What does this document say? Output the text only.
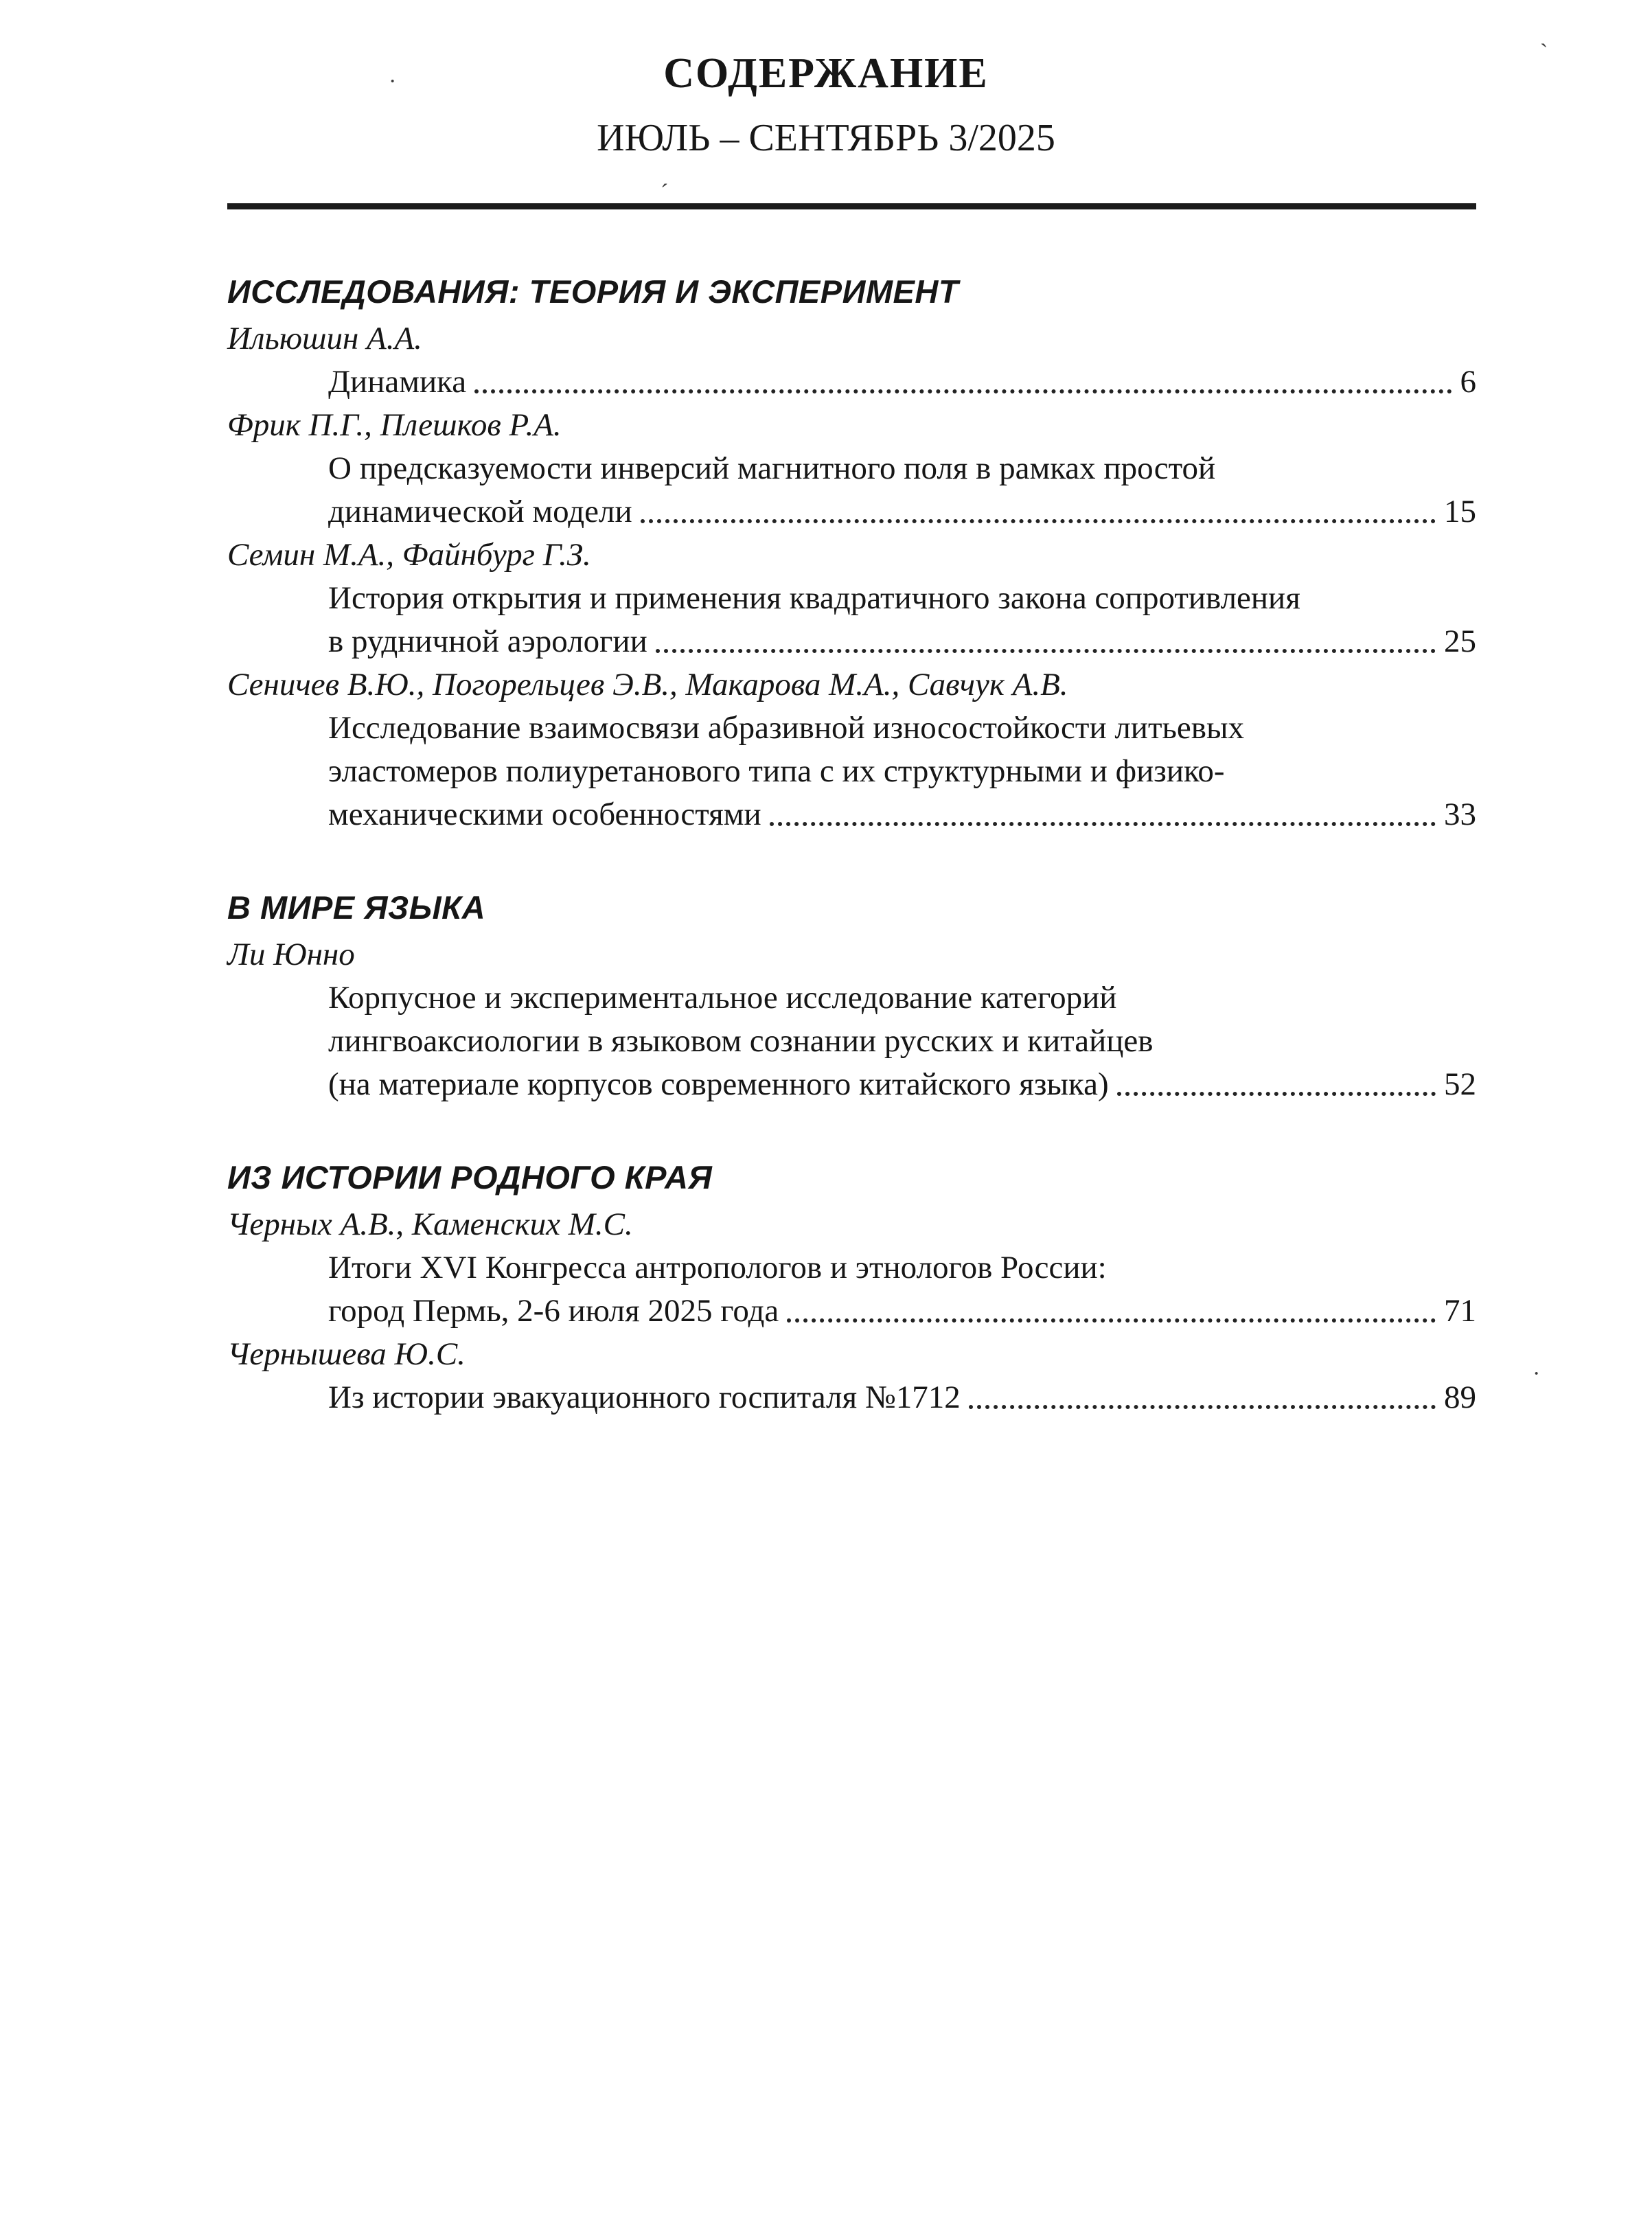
СОДЕРЖАНИЕ
ИЮЛЬ – СЕНТЯБРЬ 3/2025
ИССЛЕДОВАНИЯ: ТЕОРИЯ И ЭКСПЕРИМЕНТ
Ильюшин А.А.
Динамика	6
Фрик П.Г., Плешков Р.А.
О предсказуемости инверсий магнитного поля в рамках простой
динамической модели	15
Семин М.А., Файнбург Г.З.
История открытия и применения квадратичного закона сопротивления
в рудничной аэрологии	25
Сеничев В.Ю., Погорельцев Э.В., Макарова М.А., Савчук А.В.
Исследование взаимосвязи абразивной износостойкости литьевых
эластомеров полиуретанового типа с их структурными и физико-
механическими особенностями	33
В МИРЕ ЯЗЫКА
Ли Юнно
Корпусное и экспериментальное исследование категорий
лингвоаксиологии в языковом сознании русских и китайцев
(на материале корпусов современного китайского языка)	52
ИЗ ИСТОРИИ РОДНОГО КРАЯ
Черных А.В., Каменских М.С.
Итоги XVI Конгресса антропологов и этнологов России:
город Пермь, 2-6 июля 2025 года	71
Чернышева Ю.С.
Из истории эвакуационного госпиталя №1712	89
`
·
´
·
